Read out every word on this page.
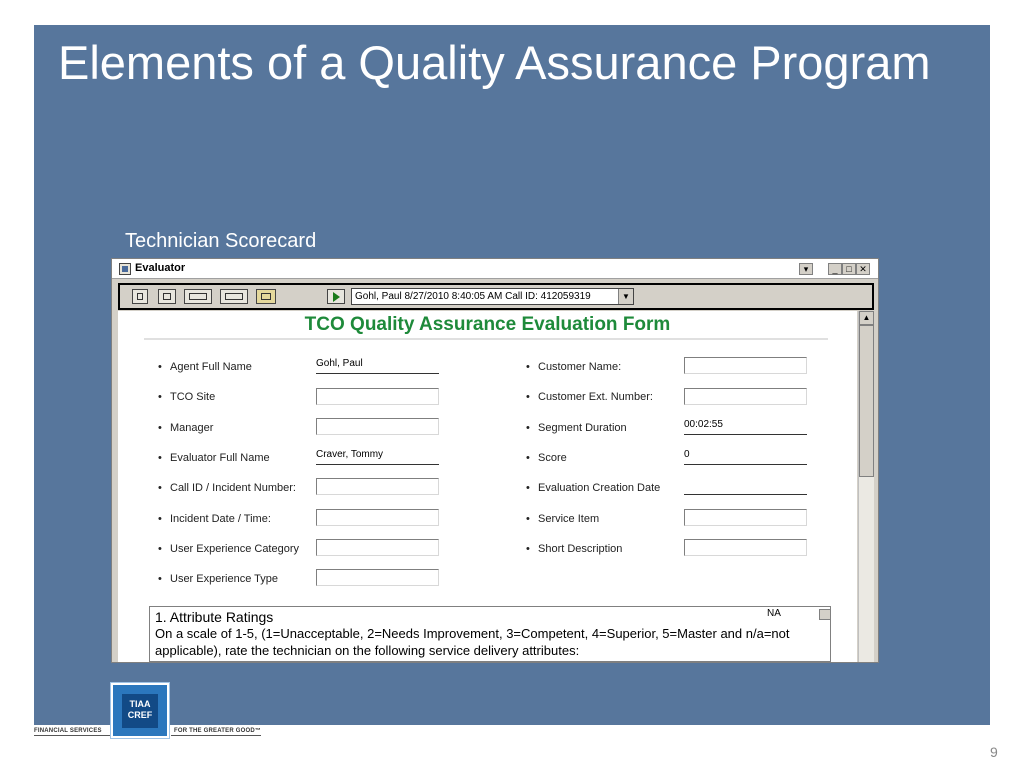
Elements of a Quality Assurance Program
Technician Scorecard
Evaluator	▾	_ □ ✕
Gohl, Paul 8/27/2010 8:40:05 AM Call ID: 412059319	▼
TCO Quality Assurance Evaluation Form
• Agent Full Name	Gohl, Paul
• TCO Site
• Manager
• Evaluator Full Name	Craver, Tommy
• Call ID / Incident Number:
• Incident Date / Time:
• User Experience Category
• User Experience Type
• Customer Name:
• Customer Ext. Number:
• Segment Duration	00:02:55
• Score	0
• Evaluation Creation Date
• Service Item
• Short Description
1. Attribute Ratings	NA
On a scale of 1-5, (1=Unacceptable, 2=Needs Improvement, 3=Competent, 4=Superior, 5=Master and n/a=not applicable), rate the technician on the following service delivery attributes:
▲
FINANCIAL SERVICES
TIAA
CREF
FOR THE GREATER GOOD™
9
